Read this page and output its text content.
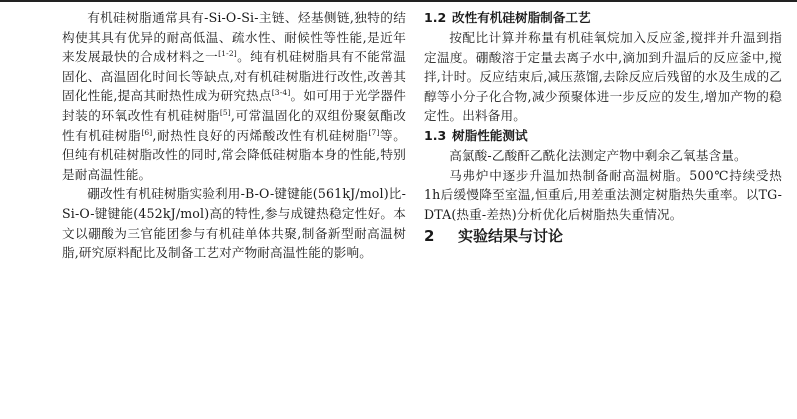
有机硅树脂通常具有-Si-O-Si-主链、烃基侧链,独特的结构使其具有优异的耐高低温、疏水性、耐候性等性能,是近年来发展最快的合成材料之一[1-2]。纯有机硅树脂具有不能常温固化、高温固化时间长等缺点,对有机硅树脂进行改性,改善其固化性能,提高其耐热性成为研究热点[3-4]。如可用于光学器件封装的环氧改性有机硅树脂[5],可常温固化的双组份聚氨酯改性有机硅树脂[6],耐热性良好的丙烯酸改性有机硅树脂[7]等。但纯有机硅树脂改性的同时,常会降低硅树脂本身的性能,特别是耐高温性能。

硼改性有机硅树脂实验利用-B-O-键键能(561kJ/mol)比-Si-O-键键能(452kJ/mol)高的特性,参与成键热稳定性好。本文以硼酸为三官能团参与有机硅单体共聚,制备新型耐高温树脂,研究原料配比及制备工艺对产物耐高温性能的影响。

1.2 改性有机硅树脂制备工艺

按配比计算并称量有机硅氧烷加入反应釜,搅拌并升温到指定温度。硼酸溶于定量去离子水中,滴加到升温后的反应釜中,搅拌,计时。反应结束后,减压蒸馏,去除反应后残留的水及生成的乙醇等小分子化合物,减少预聚体进一步反应的发生,增加产物的稳定性。出料备用。

1.3 树脂性能测试

高氯酸-乙酸酐乙酰化法测定产物中剩余乙氧基含量。

马弗炉中逐步升温加热制备耐高温树脂。500℃持续受热1h后缓慢降至室温,恒重后,用差重法测定树脂热失重率。以TG-DTA(热重-差热)分析优化后树脂热失重情况。

2 实验结果与讨论
